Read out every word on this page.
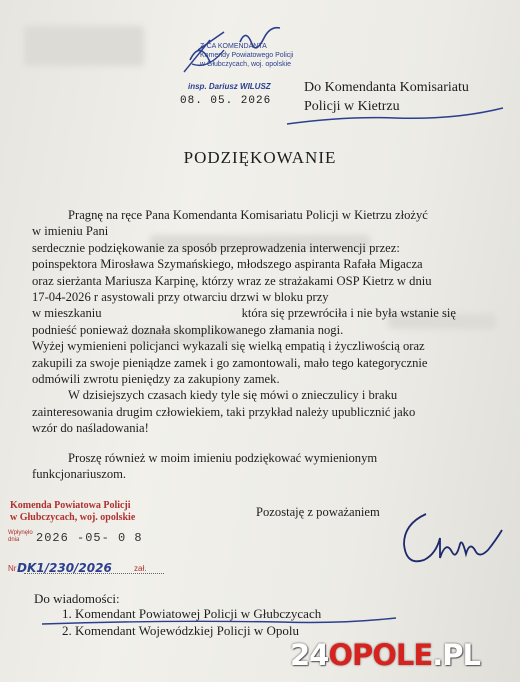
Z-CA KOMENDANTA
Komendy Powiatowego Policji
w Głubczycach, woj. opolskie
insp. Dariusz WILUSZ
08. 05. 2026
Do Komendanta Komisariatu
Policji w Kietrzu
PODZIĘKOWANIE

Pragnę na ręce Pana Komendanta Komisariatu Policji w Kietrzu złożyć

w imieniu Pani

serdecznie podziękowanie za sposób przeprowadzenia interwencji przez:

poinspektora Mirosława Szymańskiego, młodszego aspiranta Rafała Migacza

oraz sierżanta Mariusza Karpinę, którzy wraz ze strażakami OSP Kietrz w dniu

17-04-2026 r asystowali przy otwarciu drzwi w bloku przy

w mieszkaniu	która się przewróciła i nie była wstanie się

podnieść ponieważ doznała skomplikowanego złamania nogi.

Wyżej wymienieni policjanci wykazali się wielką empatią i życzliwością oraz

zakupili za swoje pieniądze zamek i go zamontowali, mało tego kategorycznie

odmówili zwrotu pieniędzy za zakupiony zamek.

W dzisiejszych czasach kiedy tyle się mówi o znieczulicy i braku

zainteresowania drugim człowiekiem, taki przykład należy upublicznić jako

wzór do naśladowania!

Proszę również w moim imieniu podziękować wymienionym

funkcjonariuszom.

Komenda Powiatowa Policji
w Głubczycach, woj. opolskie
Wpłynęło
dnia	2026 -05- 0 8
Nr DK1/230/2026	zał.
Pozostaję z poważaniem
Do wiadomości:
1. Komendant Powiatowej Policji w Głubczycach
2. Komendant Wojewódzkiej Policji w Opolu
24OPOLE.PL
